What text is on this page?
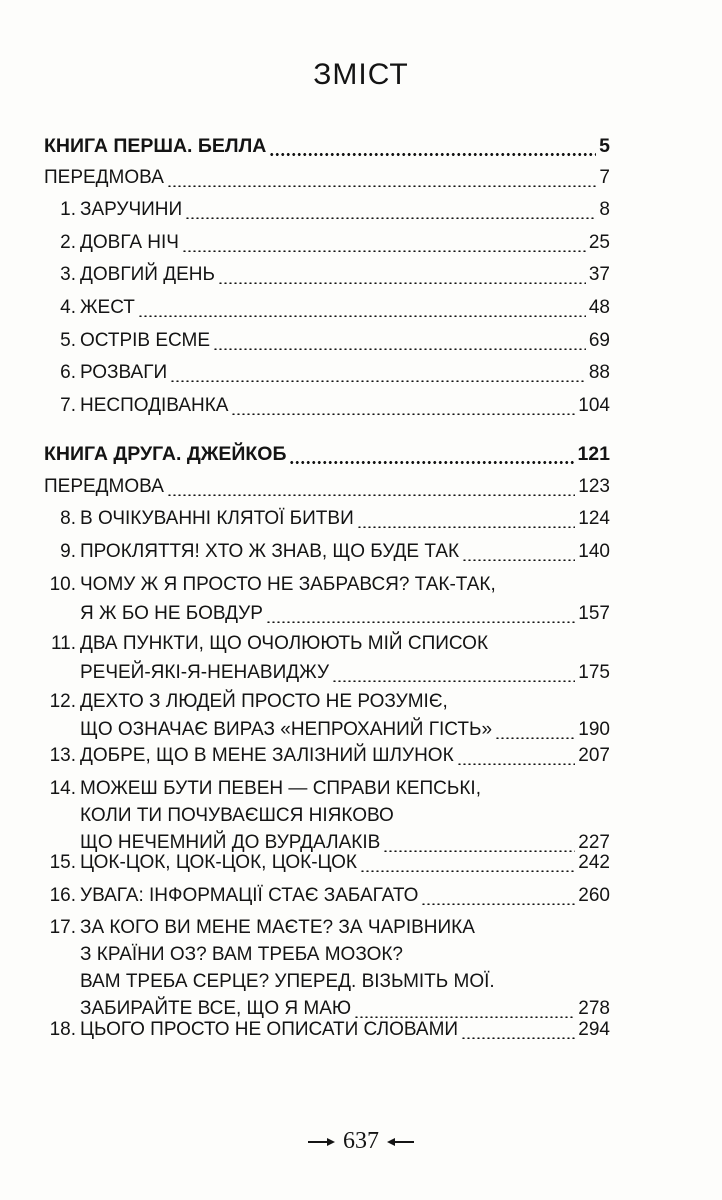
ЗМІСТ
КНИГА ПЕРША. БЕЛЛА	5
ПЕРЕДМОВА	7
1. ЗАРУЧИНИ	8
2. ДОВГА НІЧ	25
3. ДОВГИЙ ДЕНЬ	37
4. ЖЕСТ	48
5. ОСТРІВ ЕСМЕ	69
6. РОЗВАГИ	88
7. НЕСПОДІВАНКА	104
КНИГА ДРУГА. ДЖЕЙКОБ	121
ПЕРЕДМОВА	123
8. В ОЧІКУВАННІ КЛЯТОЇ БИТВИ	124
9. ПРОКЛЯТТЯ! ХТО Ж ЗНАВ, ЩО БУДЕ ТАК	140
10. ЧОМУ Ж Я ПРОСТО НЕ ЗАБРАВСЯ? ТАК-ТАК,
Я Ж БО НЕ БОВДУР	157
11. ДВА ПУНКТИ, ЩО ОЧОЛЮЮТЬ МІЙ СПИСОК
РЕЧЕЙ-ЯКІ-Я-НЕНАВИДЖУ	175
12. ДЕХТО З ЛЮДЕЙ ПРОСТО НЕ РОЗУМІЄ,
ЩО ОЗНАЧАЄ ВИРАЗ «НЕПРОХАНИЙ ГІСТЬ»	190
13. ДОБРЕ, ЩО В МЕНЕ ЗАЛІЗНИЙ ШЛУНОК	207
14. МОЖЕШ БУТИ ПЕВЕН — СПРАВИ КЕПСЬКІ,
КОЛИ ТИ ПОЧУВАЄШСЯ НІЯКОВО
ЩО НЕЧЕМНИЙ ДО ВУРДАЛАКІВ	227
15. ЦОК-ЦОК, ЦОК-ЦОК, ЦОК-ЦОК	242
16. УВАГА: ІНФОРМАЦІЇ СТАЄ ЗАБАГАТО	260
17. ЗА КОГО ВИ МЕНЕ МАЄТЕ? ЗА ЧАРІВНИКА
З КРАЇНИ ОЗ? ВАМ ТРЕБА МОЗОК?
ВАМ ТРЕБА СЕРЦЕ? УПЕРЕД. ВІЗЬМІТЬ МОЇ.
ЗАБИРАЙТЕ ВСЕ, ЩО Я МАЮ	278
18. ЦЬОГО ПРОСТО НЕ ОПИСАТИ СЛОВАМИ	294
637
